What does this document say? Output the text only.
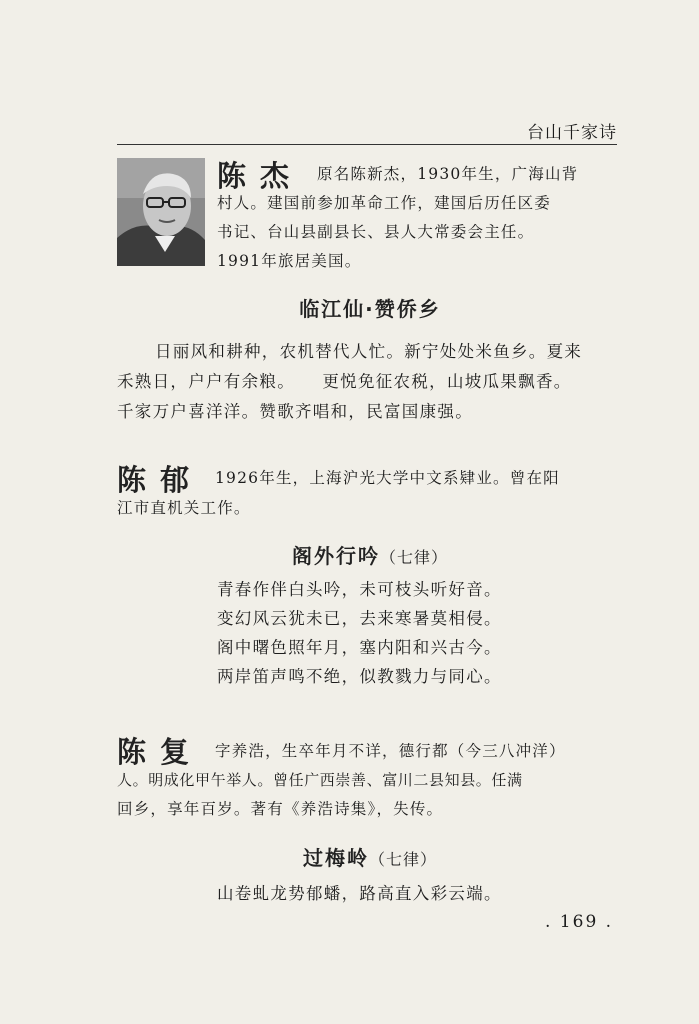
台山千家诗
陈杰 原名陈新杰，1930年生，广海山背
村人。建国前参加革命工作，建国后历任区委
书记、台山县副县长、县人大常委会主任。
1991年旅居美国。
临江仙·赞侨乡
日丽风和耕种，农机替代人忙。新宁处处米鱼乡。夏来
禾熟日，户户有余粮。　　更悦免征农税，山坡瓜果飘香。
千家万户喜洋洋。赞歌齐唱和，民富国康强。
陈郁 1926年生，上海沪光大学中文系肄业。曾在阳
江市直机关工作。
阁外行吟（七律）
青春作伴白头吟，未可枝头听好音。
变幻风云犹未已，去来寒暑莫相侵。
阁中曙色照年月，塞内阳和兴古今。
两岸笛声鸣不绝，似教戮力与同心。
陈复 字养浩，生卒年月不详，德行都（今三八冲洋）
人。明成化甲午举人。曾任广西崇善、富川二县知县。任满
回乡，享年百岁。著有《养浩诗集》，失传。
过梅岭（七律）
山卷虬龙势郁蟠，路高直入彩云端。
. 169 .
